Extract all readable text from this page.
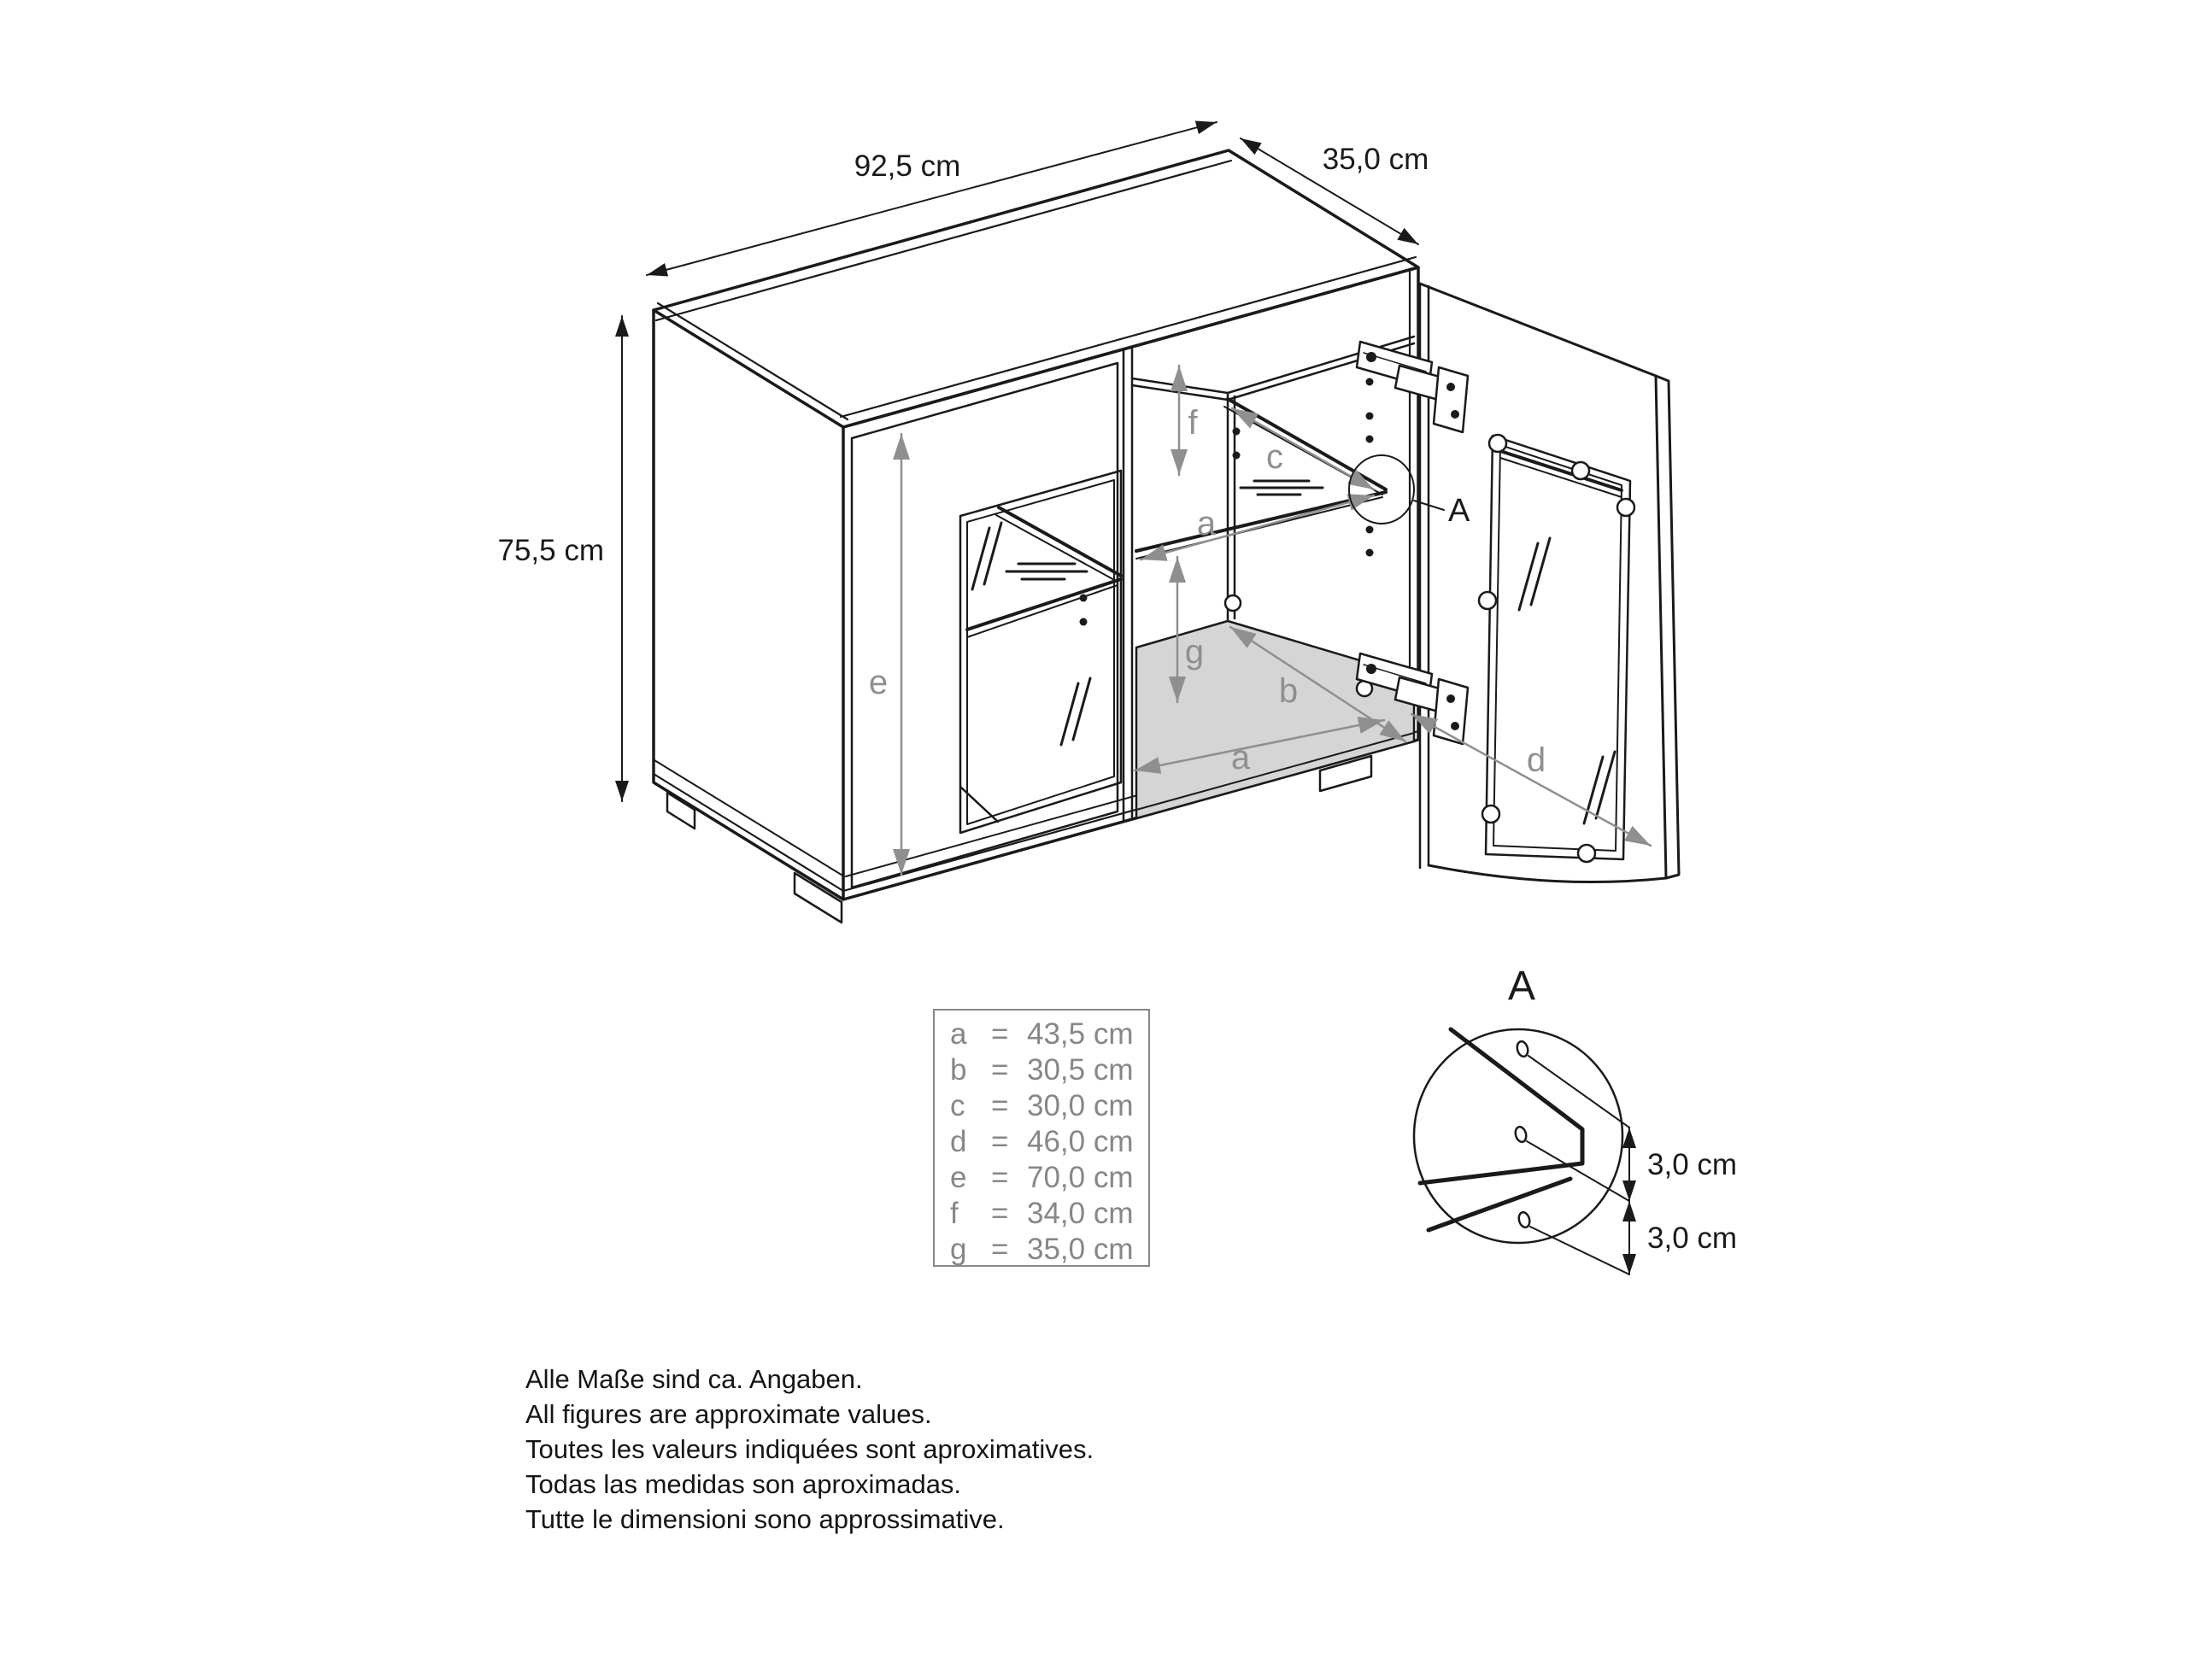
92,5 cm	35,0 cm
75,5 cm
e
f
c
a
g
b
a	d
A
A
3,0 cm
3,0 cm
a = 43,5 cm
b = 30,5 cm
c = 30,0 cm
d = 46,0 cm
e = 70,0 cm
f = 34,0 cm
g = 35,0 cm
Alle Maße sind ca. Angaben.
All figures are approximate values.
Toutes les valeurs indiquées sont aproximatives.
Todas las medidas son aproximadas.
Tutte le dimensioni sono approssimative.
